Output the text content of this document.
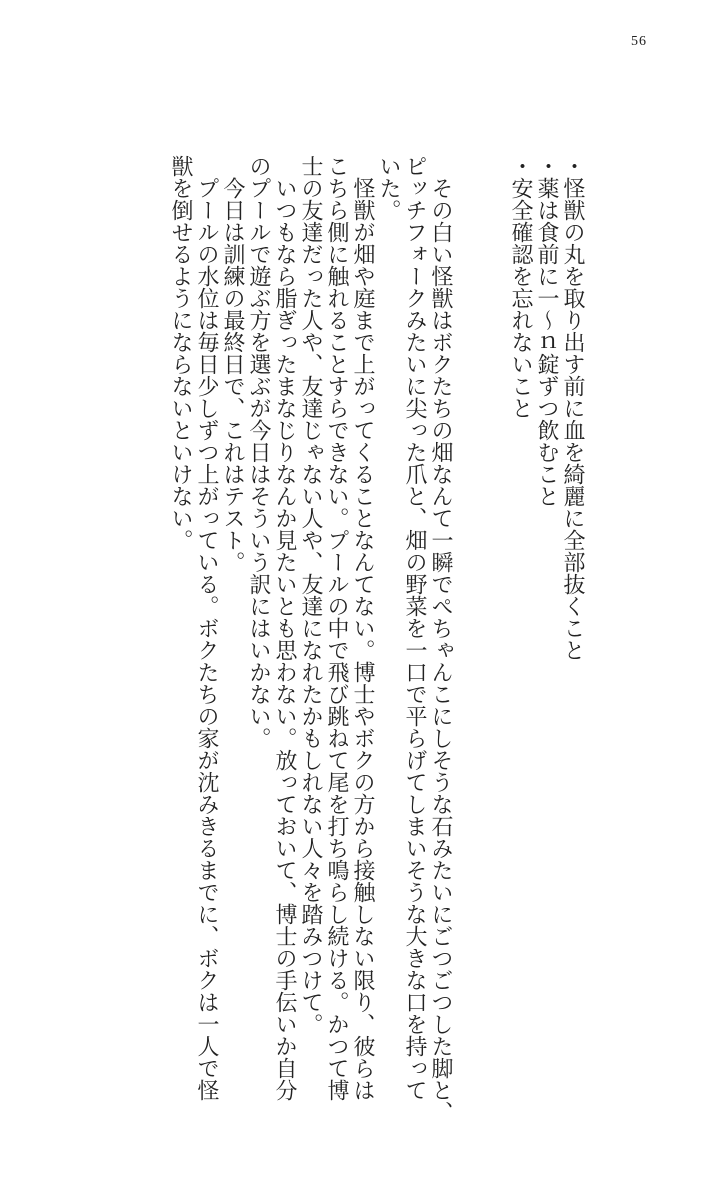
56
・怪獣の丸を取り出す前に血を綺麗に全部抜くこと
・薬は食前に一～ｎ錠ずつ飲むこと
・安全確認を忘れないこと
　その白い怪獣はボクたちの畑なんて一瞬でぺちゃんこにしそうな石みたいにごつごつした脚と、
ピッチフォークみたいに尖った爪と、畑の野菜を一口で平らげてしまいそうな大きな口を持って
いた。
　怪獣が畑や庭まで上がってくることなんてない。博士やボクの方から接触しない限り、彼らは
こちら側に触れることすらできない。プールの中で飛び跳ねて尾を打ち鳴らし続ける。かつて博
士の友達だった人や、友達じゃない人や、友達になれたかもしれない人々を踏みつけて。
　いつもなら脂ぎったまなじりなんか見たいとも思わない。放っておいて、博士の手伝いか自分
のプールで遊ぶ方を選ぶが今日はそういう訳にはいかない。
　今日は訓練の最終日で、これはテスト。
　プールの水位は毎日少しずつ上がっている。ボクたちの家が沈みきるまでに、ボクは一人で怪
獣を倒せるようにならないといけない。
